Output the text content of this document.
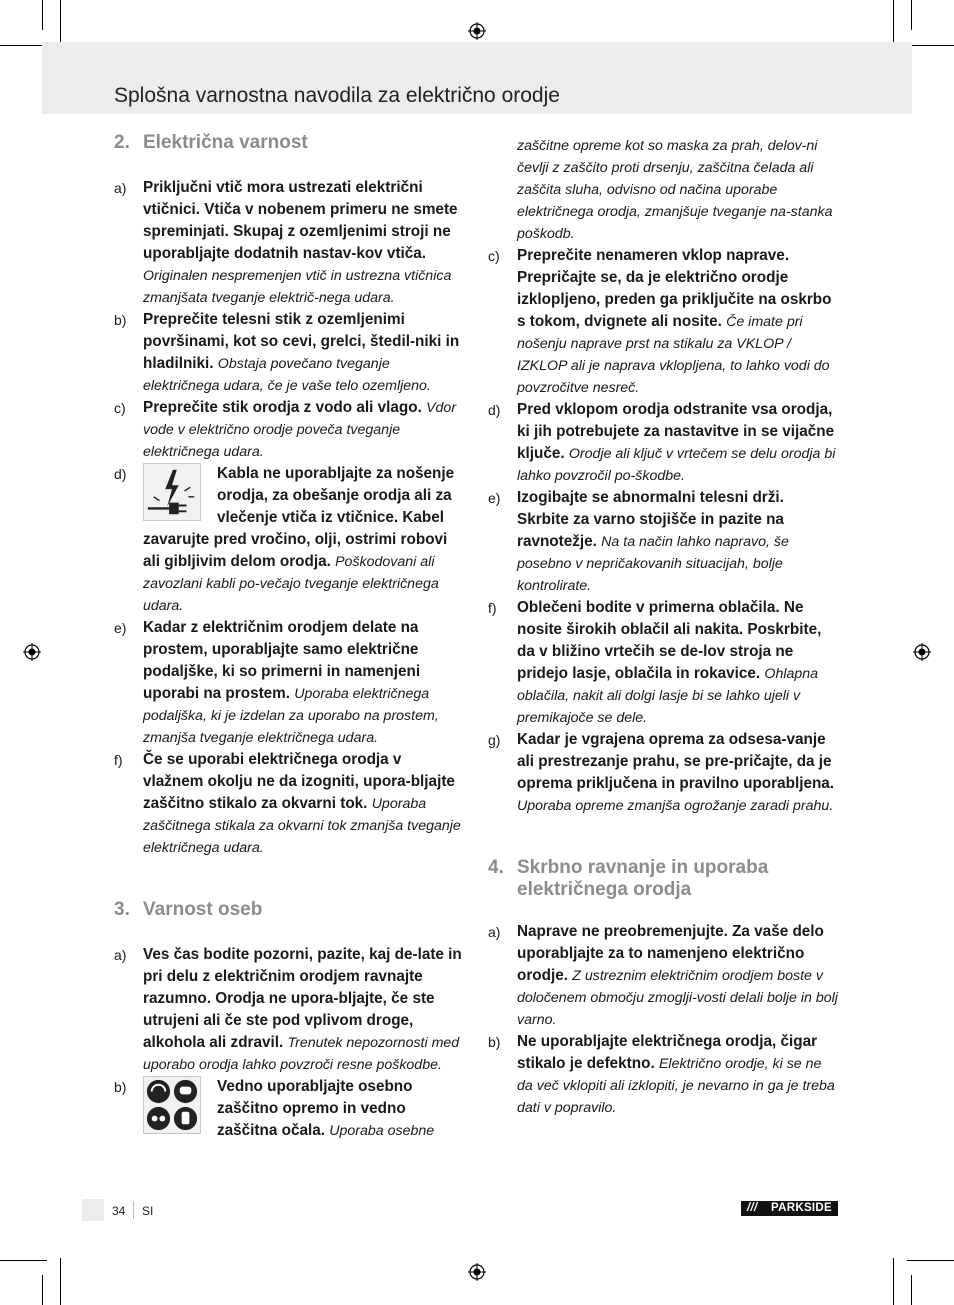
Splošna varnostna navodila za električno orodje
2. Električna varnost
a)	Priključni vtič mora ustrezati električni vtičnici. Vtiča v nobenem primeru ne smete spreminjati. Skupaj z ozemljenimi stroji ne uporabljajte dodatnih nastav-kov vtiča. Originalen nespremenjen vtič in ustrezna vtičnica zmanjšata tveganje električ-nega udara.
b)	Preprečite telesni stik z ozemljenimi površinami, kot so cevi, grelci, štedil-niki in hladilniki. Obstaja povečano tveganje električnega udara, če je vaše telo ozemljeno.
c)	Preprečite stik orodja z vodo ali vlago. Vdor vode v električno orodje poveča tveganje električnega udara.
d)	Kabla ne uporabljajte za nošenje orodja, za obešanje orodja ali za vlečenje vtiča iz vtičnice. Kabel zavarujte pred vročino, olji, ostrimi robovi ali gibljivim delom orodja. Poškodovani ali zavozlani kabli po-večajo tveganje električnega udara.
e)	Kadar z električnim orodjem delate na prostem, uporabljajte samo električne podaljške, ki so primerni in namenjeni uporabi na prostem. Uporaba električnega podaljška, ki je izdelan za uporabo na prostem, zmanjša tveganje električnega udara.
f)	Če se uporabi električnega orodja v vlažnem okolju ne da izogniti, upora-bljajte zaščitno stikalo za okvarni tok. Uporaba zaščitnega stikala za okvarni tok zmanjša tveganje električnega udara.
3. Varnost oseb
a)	Ves čas bodite pozorni, pazite, kaj de-late in pri delu z električnim orodjem ravnajte razumno. Orodja ne upora-bljajte, če ste utrujeni ali če ste pod vplivom droge, alkohola ali zdravil. Trenutek nepozornosti med uporabo orodja lahko povzroči resne poškodbe.
b)	Vedno uporabljajte osebno zaščitno opremo in vedno zaščitna očala. Uporaba osebne
zaščitne opreme kot so maska za prah, delov-ni čevlji z zaščito proti drsenju, zaščitna čelada ali zaščita sluha, odvisno od načina uporabe električnega orodja, zmanjšuje tveganje na-stanka poškodb.
c)	Preprečite nenameren vklop naprave. Prepričajte se, da je električno orodje izklopljeno, preden ga priključite na oskrbo s tokom, dvignete ali nosite. Če imate pri nošenju naprave prst na stikalu za VKLOP / IZKLOP ali je naprava vklopljena, to lahko vodi do povzročitve nesreč.
d)	Pred vklopom orodja odstranite vsa orodja, ki jih potrebujete za nastavitve in se vijačne ključe. Orodje ali ključ v vrtečem se delu orodja bi lahko povzročil po-škodbe.
e)	Izogibajte se abnormalni telesni drži. Skrbite za varno stojišče in pazite na ravnotežje. Na ta način lahko napravo, še posebno v nepričakovanih situacijah, bolje kontrolirate.
f)	Oblečeni bodite v primerna oblačila. Ne nosite širokih oblačil ali nakita. Poskrbite, da v bližino vrtečih se de-lov stroja ne pridejo lasje, oblačila in rokavice. Ohlapna oblačila, nakit ali dolgi lasje bi se lahko ujeli v premikajoče se dele.
g)	Kadar je vgrajena oprema za odsesa-vanje ali prestrezanje prahu, se pre-pričajte, da je oprema priključena in pravilno uporabljena. Uporaba opreme zmanjša ogrožanje zaradi prahu.
4. Skrbno ravnanje in uporaba električnega orodja
a)	Naprave ne preobremenjujte. Za vaše delo uporabljajte za to namenjeno električno orodje. Z ustreznim električnim orodjem boste v določenem območju zmoglji-vosti delali bolje in bolj varno.
b)	Ne uporabljajte električnega orodja, čigar stikalo je defektno. Električno orodje, ki se ne da več vklopiti ali izklopiti, je nevarno in ga je treba dati v popravilo.
34 SI	/// PARKSIDE
